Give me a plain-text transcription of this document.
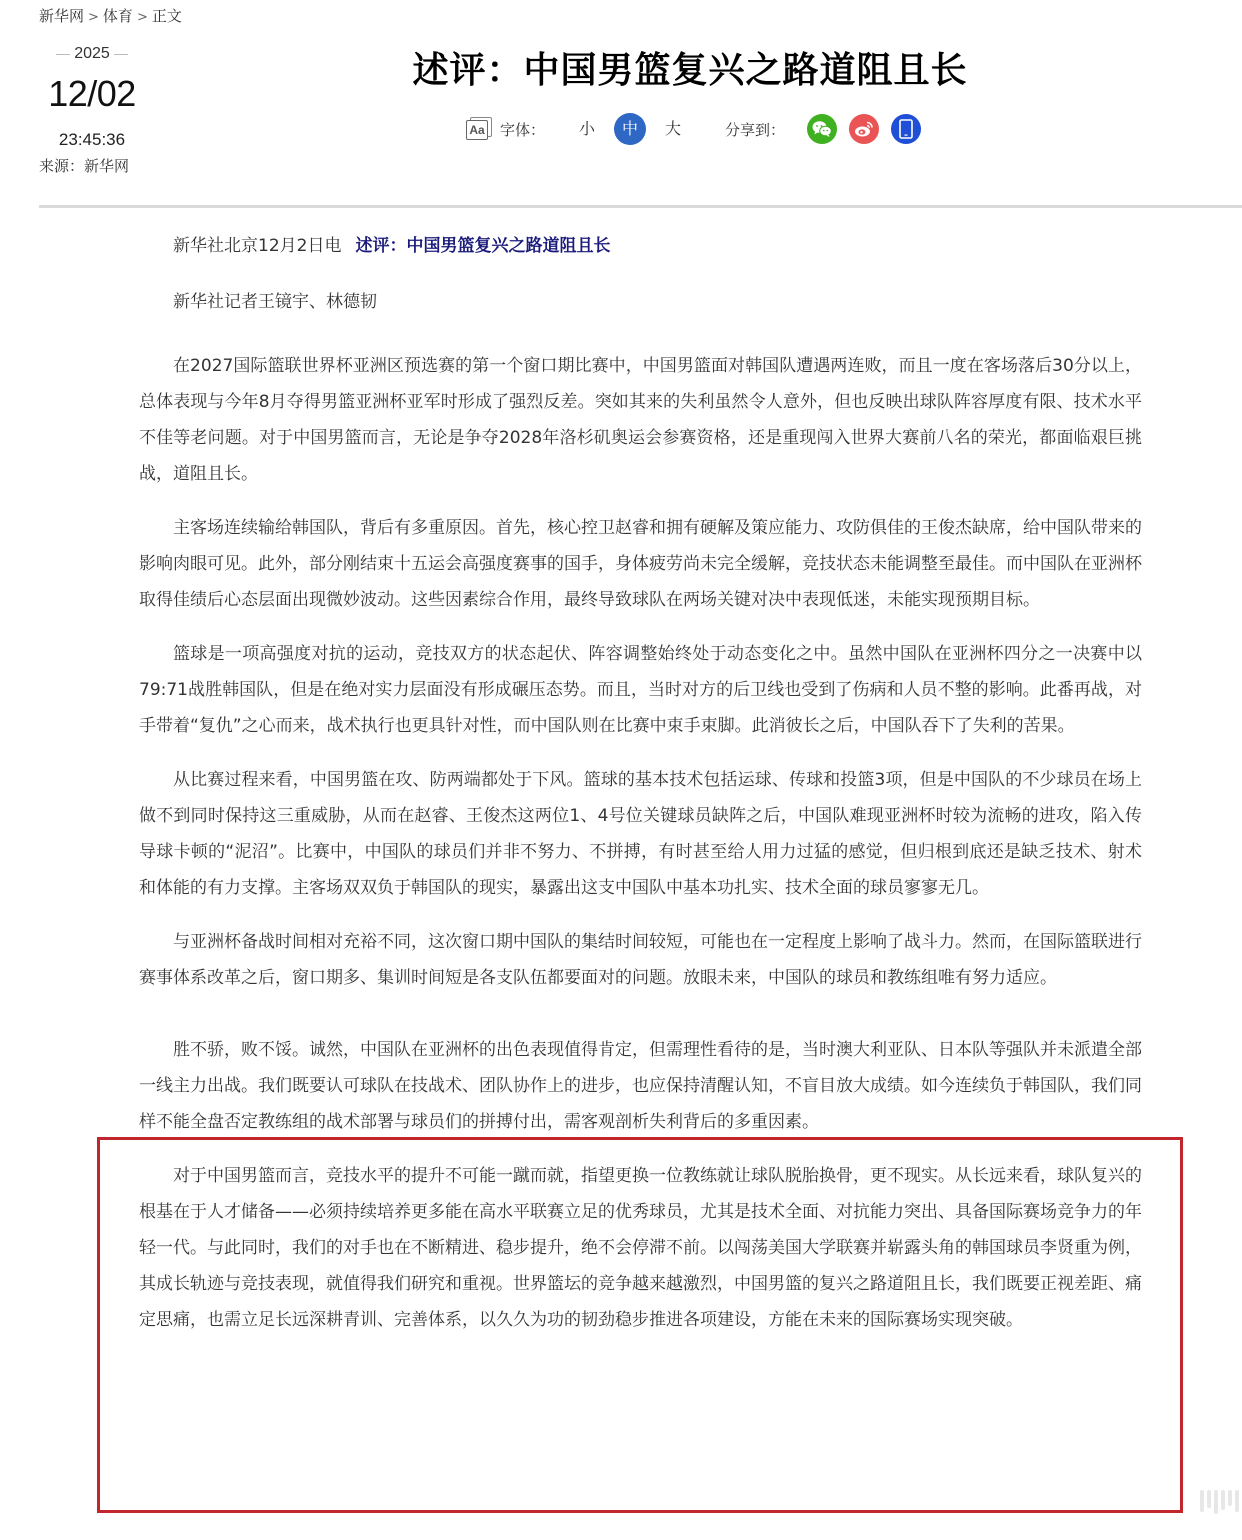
新华网 > 体育 > 正文
2025
12/02
23:45:36
来源：新华网
述评：中国男篮复兴之路道阻且长
Aa 字体：	小	中	大	分享到：

新华社北京12月2日电 述评：中国男篮复兴之路道阻且长

新华社记者王镜宇、林德韧

在2027国际篮联世界杯亚洲区预选赛的第一个窗口期比赛中，中国男篮面对韩国队遭遇两连败，而且一度在客场落后30分以上，总体表现与今年8月夺得男篮亚洲杯亚军时形成了强烈反差。突如其来的失利虽然令人意外，但也反映出球队阵容厚度有限、技术水平不佳等老问题。对于中国男篮而言，无论是争夺2028年洛杉矶奥运会参赛资格，还是重现闯入世界大赛前八名的荣光，都面临艰巨挑战，道阻且长。

主客场连续输给韩国队，背后有多重原因。首先，核心控卫赵睿和拥有硬解及策应能力、攻防俱佳的王俊杰缺席，给中国队带来的影响肉眼可见。此外，部分刚结束十五运会高强度赛事的国手，身体疲劳尚未完全缓解，竞技状态未能调整至最佳。而中国队在亚洲杯取得佳绩后心态层面出现微妙波动。这些因素综合作用，最终导致球队在两场关键对决中表现低迷，未能实现预期目标。

篮球是一项高强度对抗的运动，竞技双方的状态起伏、阵容调整始终处于动态变化之中。虽然中国队在亚洲杯四分之一决赛中以79:71战胜韩国队，但是在绝对实力层面没有形成碾压态势。而且，当时对方的后卫线也受到了伤病和人员不整的影响。此番再战，对手带着“复仇”之心而来，战术执行也更具针对性，而中国队则在比赛中束手束脚。此消彼长之后，中国队吞下了失利的苦果。

从比赛过程来看，中国男篮在攻、防两端都处于下风。篮球的基本技术包括运球、传球和投篮3项，但是中国队的不少球员在场上做不到同时保持这三重威胁，从而在赵睿、王俊杰这两位1、4号位关键球员缺阵之后，中国队难现亚洲杯时较为流畅的进攻，陷入传导球卡顿的“泥沼”。比赛中，中国队的球员们并非不努力、不拼搏，有时甚至给人用力过猛的感觉，但归根到底还是缺乏技术、射术和体能的有力支撑。主客场双双负于韩国队的现实，暴露出这支中国队中基本功扎实、技术全面的球员寥寥无几。

与亚洲杯备战时间相对充裕不同，这次窗口期中国队的集结时间较短，可能也在一定程度上影响了战斗力。然而，在国际篮联进行赛事体系改革之后，窗口期多、集训时间短是各支队伍都要面对的问题。放眼未来，中国队的球员和教练组唯有努力适应。

胜不骄，败不馁。诚然，中国队在亚洲杯的出色表现值得肯定，但需理性看待的是，当时澳大利亚队、日本队等强队并未派遣全部一线主力出战。我们既要认可球队在技战术、团队协作上的进步，也应保持清醒认知，不盲目放大成绩。如今连续负于韩国队，我们同样不能全盘否定教练组的战术部署与球员们的拼搏付出，需客观剖析失利背后的多重因素。

对于中国男篮而言，竞技水平的提升不可能一蹴而就，指望更换一位教练就让球队脱胎换骨，更不现实。从长远来看，球队复兴的根基在于人才储备——必须持续培养更多能在高水平联赛立足的优秀球员，尤其是技术全面、对抗能力突出、具备国际赛场竞争力的年轻一代。与此同时，我们的对手也在不断精进、稳步提升，绝不会停滞不前。以闯荡美国大学联赛并崭露头角的韩国球员李贤重为例，其成长轨迹与竞技表现，就值得我们研究和重视。世界篮坛的竞争越来越激烈，中国男篮的复兴之路道阻且长，我们既要正视差距、痛定思痛，也需立足长远深耕青训、完善体系，以久久为功的韧劲稳步推进各项建设，方能在未来的国际赛场实现突破。
